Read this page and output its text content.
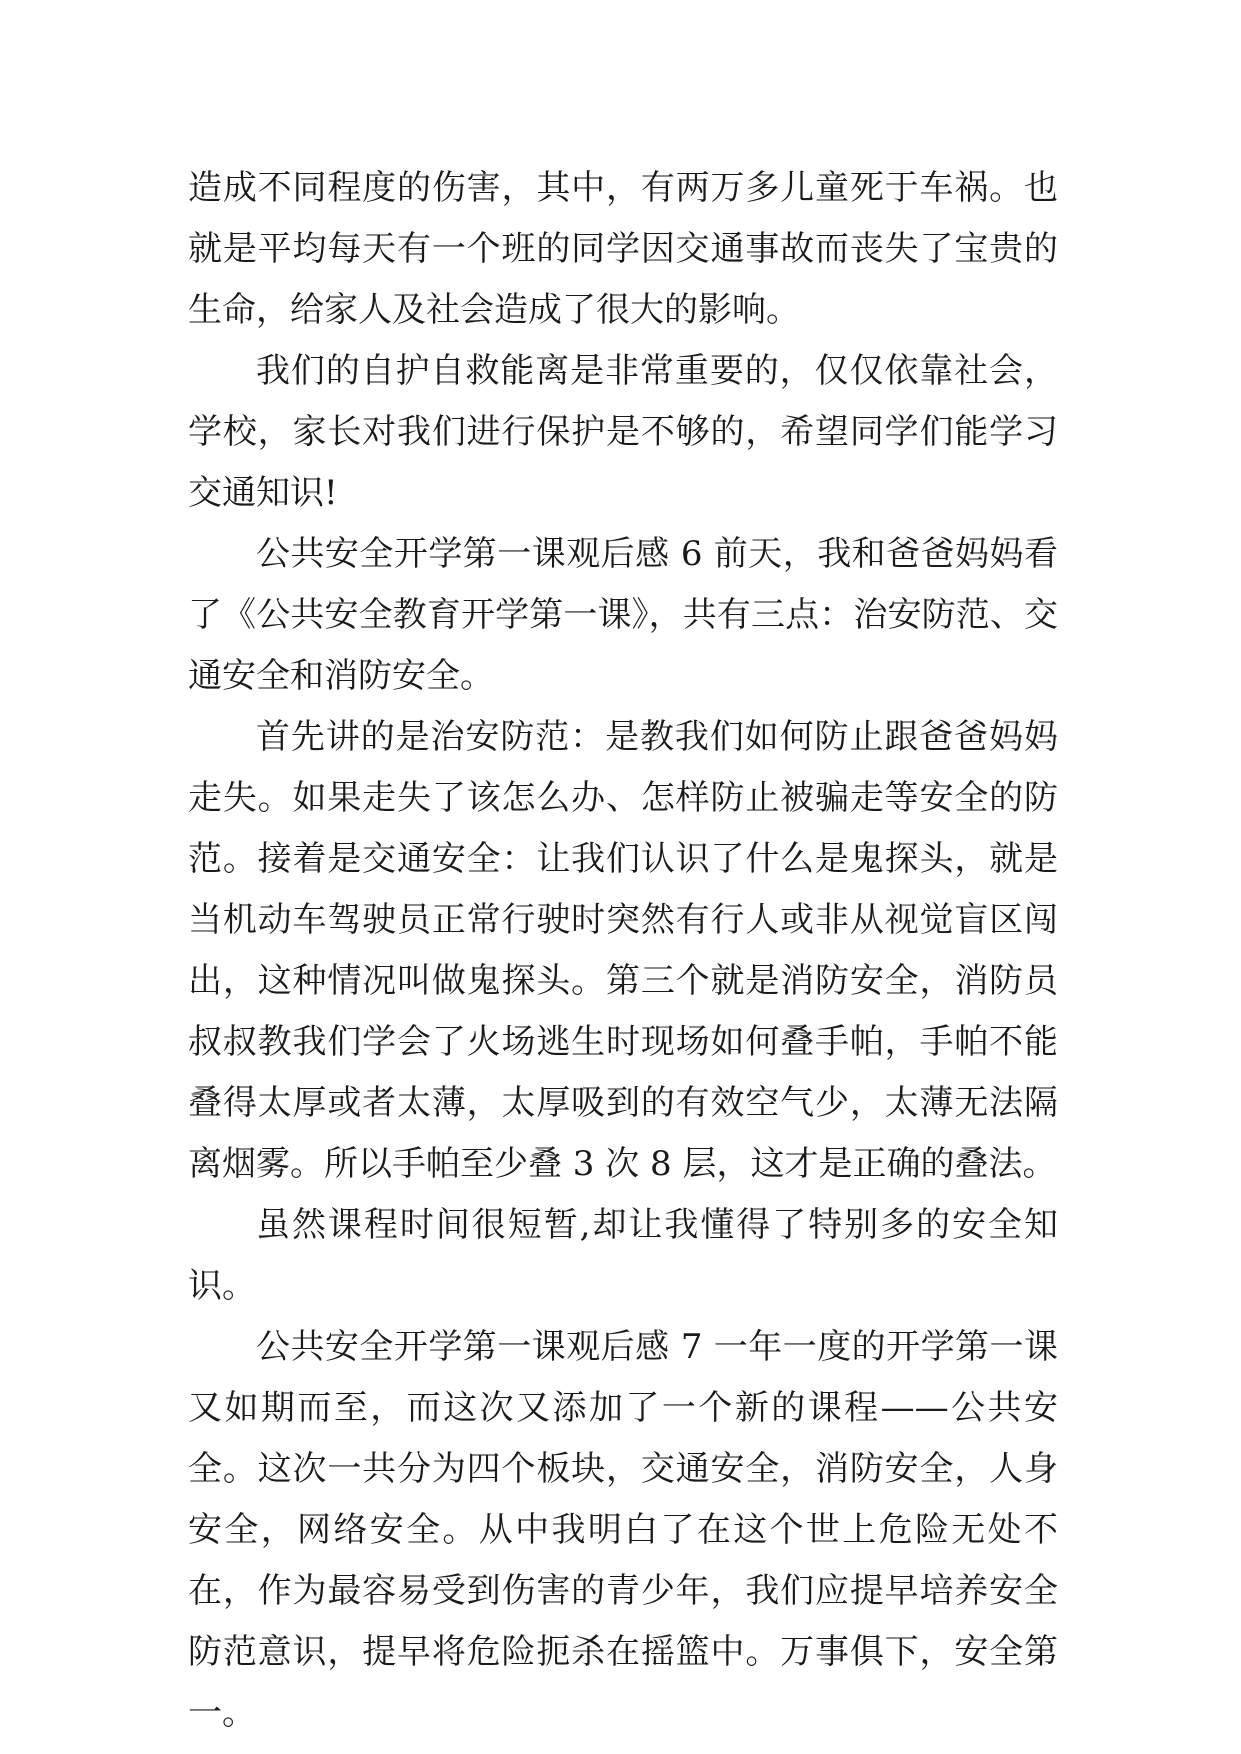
造成不同程度的伤害，其中，有两万多儿童死于车祸。也就是平均每天有一个班的同学因交通事故而丧失了宝贵的生命，给家人及社会造成了很大的影响。

我们的自护自救能离是非常重要的，仅仅依靠社会，学校，家长对我们进行保护是不够的，希望同学们能学习交通知识!

公共安全开学第一课观后感 6 前天，我和爸爸妈妈看了《公共安全教育开学第一课》，共有三点：治安防范、交通安全和消防安全。

首先讲的是治安防范：是教我们如何防止跟爸爸妈妈走失。如果走失了该怎么办、怎样防止被骗走等安全的防范。接着是交通安全：让我们认识了什么是鬼探头，就是当机动车驾驶员正常行驶时突然有行人或非从视觉盲区闯出，这种情况叫做鬼探头。第三个就是消防安全，消防员叔叔教我们学会了火场逃生时现场如何叠手帕，手帕不能叠得太厚或者太薄，太厚吸到的有效空气少，太薄无法隔离烟雾。所以手帕至少叠 3 次 8 层，这才是正确的叠法。

虽然课程时间很短暂,却让我懂得了特别多的安全知识。

公共安全开学第一课观后感 7 一年一度的开学第一课又如期而至，而这次又添加了一个新的课程——公共安全。这次一共分为四个板块，交通安全，消防安全，人身安全，网络安全。从中我明白了在这个世上危险无处不在，作为最容易受到伤害的青少年，我们应提早培养安全防范意识，提早将危险扼杀在摇篮中。万事俱下，安全第一。
